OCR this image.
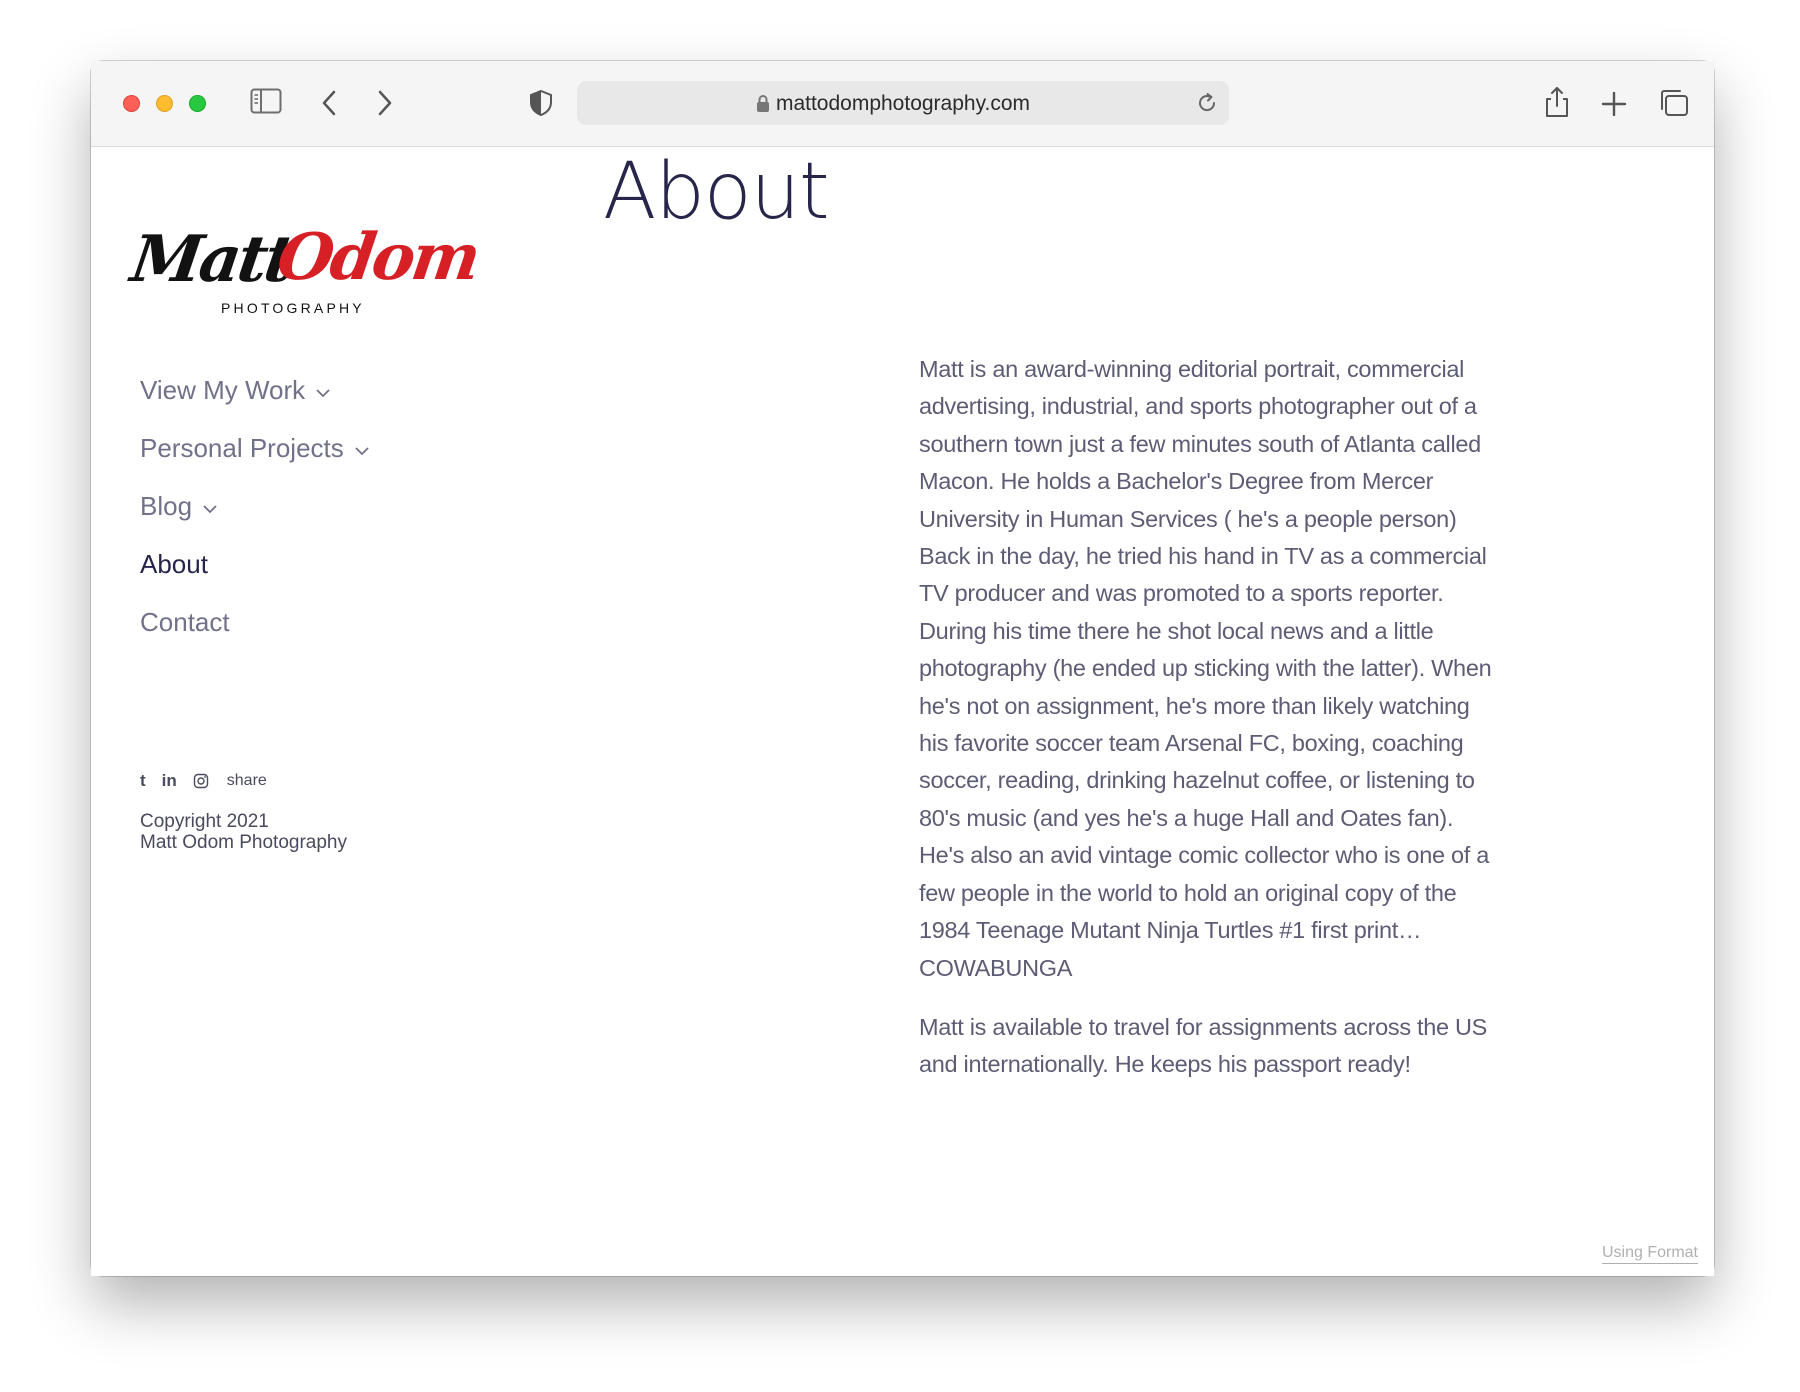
mattodomphotography.com
Matt
Odom
PHOTOGRAPHY
About
View My Work
Personal Projects
Blog
About
Contact
t in	share
Copyright 2021
Matt Odom Photography

Matt is an award-winning editorial portrait, commercial advertising, industrial, and sports photographer out of a southern town just a few minutes south of Atlanta called Macon. He holds a Bachelor's Degree from Mercer University in Human Services ( he's a people person) Back in the day, he tried his hand in TV as a commercial TV producer and was promoted to a sports reporter. During his time there he shot local news and a little photography (he ended up sticking with the latter). When he's not on assignment, he's more than likely watching his favorite soccer team Arsenal FC, boxing, coaching soccer, reading, drinking hazelnut coffee, or listening to 80's music (and yes he's a huge Hall and Oates fan). He's also an avid vintage comic collector who is one of a few people in the world to hold an original copy of the 1984 Teenage Mutant Ninja Turtles #1 first print…COWABUNGA

Matt is available to travel for assignments across the US and internationally. He keeps his passport ready!

Using Format
